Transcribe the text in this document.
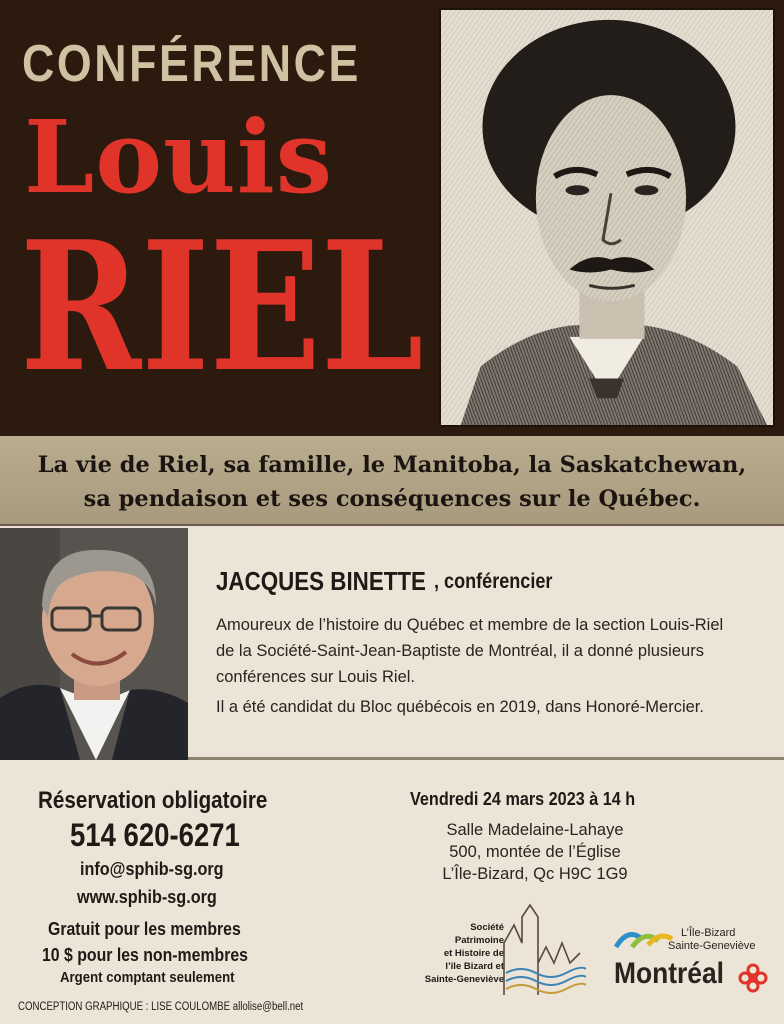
CONFÉRENCE
Louis
RIEL

La vie de Riel, sa famille, le Manitoba, la Saskatchewan,

sa pendaison et ses conséquences sur le Québec.

JACQUES BINETTE , conférencier

Amoureux de l’histoire du Québec et membre de la section Louis-Riel

de la Société-Saint-Jean-Baptiste de Montréal, il a donné plusieurs

conférences sur Louis Riel.

Il a été candidat du Bloc québécois en 2019, dans Honoré-Mercier.

Réservation obligatoire
514 620-6271
info@sphib-sg.org
www.sphib-sg.org
Gratuit pour les membres
10 $ pour les non-membres
Argent comptant seulement
CONCEPTION GRAPHIQUE : LISE COULOMBE allolise@bell.net
Vendredi 24 mars 2023 à 14 h

Salle Madelaine-Lahaye

500, montée de l’Église

L’Île-Bizard, Qc H9C 1G9

Société
Patrimoine
et Histoire de
l’île Bizard et
Sainte-Geneviève
L’Île-Bizard
Sainte-Geneviève
Montréal
